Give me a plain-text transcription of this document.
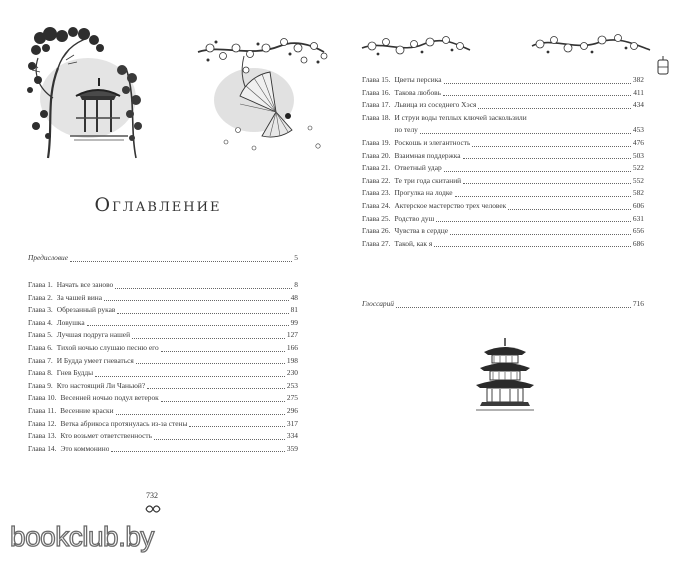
Оглавление
Предисловие	5
Глава 1. Начать все заново	8
Глава 2. За чашей вина	48
Глава 3. Обрезанный рукав	81
Глава 4. Ловушка	99
Глава 5. Лучшая подруга нашей	127
Глава 6. Тихой ночью слушаю песню его	166
Глава 7. И Будда умеет гневаться	198
Глава 8. Гнев Будды	230
Глава 9. Кто настоящий Ли Чаньюй?	253
Глава 10. Весенней ночью подул ветерок	275
Глава 11. Весенние краски	296
Глава 12. Ветка абрикоса протянулась из-за стены	317
Глава 13. Кто возьмет ответственность	334
Глава 14. Это коммонино	359
732
Глава 15. Цветы персика	382
Глава 16. Такова любовь	411
Глава 17. Львица из соседнего Хэся	434
Глава 18. И струи воды теплых ключей заскользили
по телу	453
Глава 19. Роскошь и элегантность	476
Глава 20. Взаимная поддержка	503
Глава 21. Ответный удар	522
Глава 22. Те три года скитаний	552
Глава 23. Прогулка на лодке	582
Глава 24. Актерское мастерство трех человек	606
Глава 25. Родство душ	631
Глава 26. Чувства в сердце	656
Глава 27. Такой, как я	686
Глоссарий	716
bookclub.by
